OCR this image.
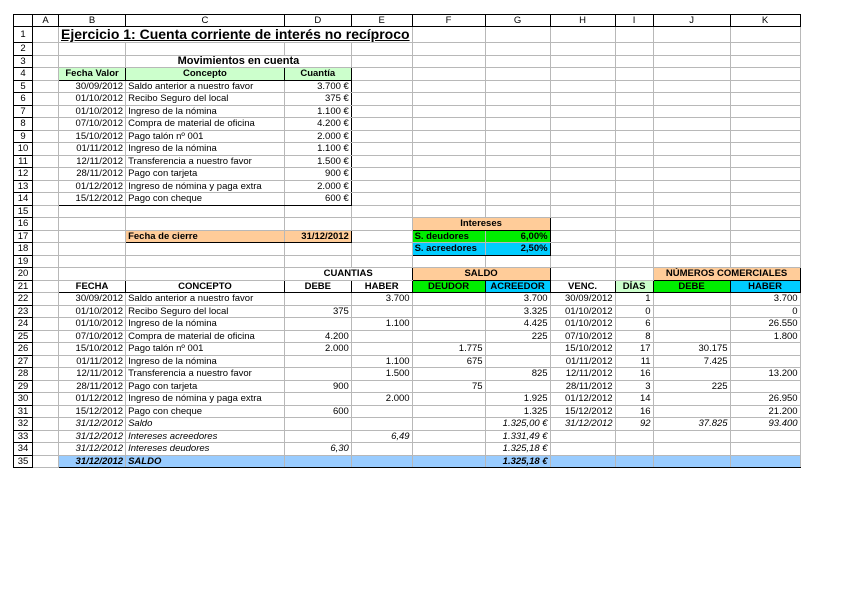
	A	B	C	D	E	F	G	H	I	J	K
1		Ejercicio 1: Cuenta corriente de interés no recíproco									
2											
3			Movimientos en cuenta								
4		Fecha Valor	Concepto	Cuantía							
5		30/09/2012	Saldo anterior a nuestro favor	3.700 €							
6		01/10/2012	Recibo Seguro del local	375 €							
7		01/10/2012	Ingreso de la nómina	1.100 €							
8		07/10/2012	Compra de material de oficina	4.200 €							
9		15/10/2012	Pago talón nº 001	2.000 €							
10		01/11/2012	Ingreso de la nómina	1.100 €							
11		12/11/2012	Transferencia a nuestro favor	1.500 €							
12		28/11/2012	Pago con tarjeta	900 €							
13		01/12/2012	Ingreso de nómina y paga extra	2.000 €							
14		15/12/2012	Pago con cheque	600 €							
15											
16						Intereses					
17			Fecha de cierre	31/12/2012		S. deudores	6,00%				
18						S. acreedores	2,50%				
19											
20				CUANTIAS		SALDO				NÚMEROS COMERCIALES	
21		FECHA	CONCEPTO	DEBE	HABER	DEUDOR	ACREEDOR	VENC.	DÍAS	DEBE	HABER
22		30/09/2012	Saldo anterior a nuestro favor		3.700		3.700	30/09/2012	1		3.700
23		01/10/2012	Recibo Seguro del local	375			3.325	01/10/2012	0		0
24		01/10/2012	Ingreso de la nómina		1.100		4.425	01/10/2012	6		26.550
25		07/10/2012	Compra de material de oficina	4.200			225	07/10/2012	8		1.800
26		15/10/2012	Pago talón nº 001	2.000		1.775		15/10/2012	17	30.175	
27		01/11/2012	Ingreso de la nómina		1.100	675		01/11/2012	11	7.425	
28		12/11/2012	Transferencia a nuestro favor		1.500		825	12/11/2012	16		13.200
29		28/11/2012	Pago con tarjeta	900		75		28/11/2012	3	225	
30		01/12/2012	Ingreso de nómina y paga extra		2.000		1.925	01/12/2012	14		26.950
31		15/12/2012	Pago con cheque	600			1.325	15/12/2012	16		21.200
32		31/12/2012	Saldo				1.325,00 €	31/12/2012	92	37.825	93.400
33		31/12/2012	Intereses acreedores		6,49		1.331,49 €				
34		31/12/2012	Intereses deudores	6,30			1.325,18 €				
35		31/12/2012	SALDO				1.325,18 €				
